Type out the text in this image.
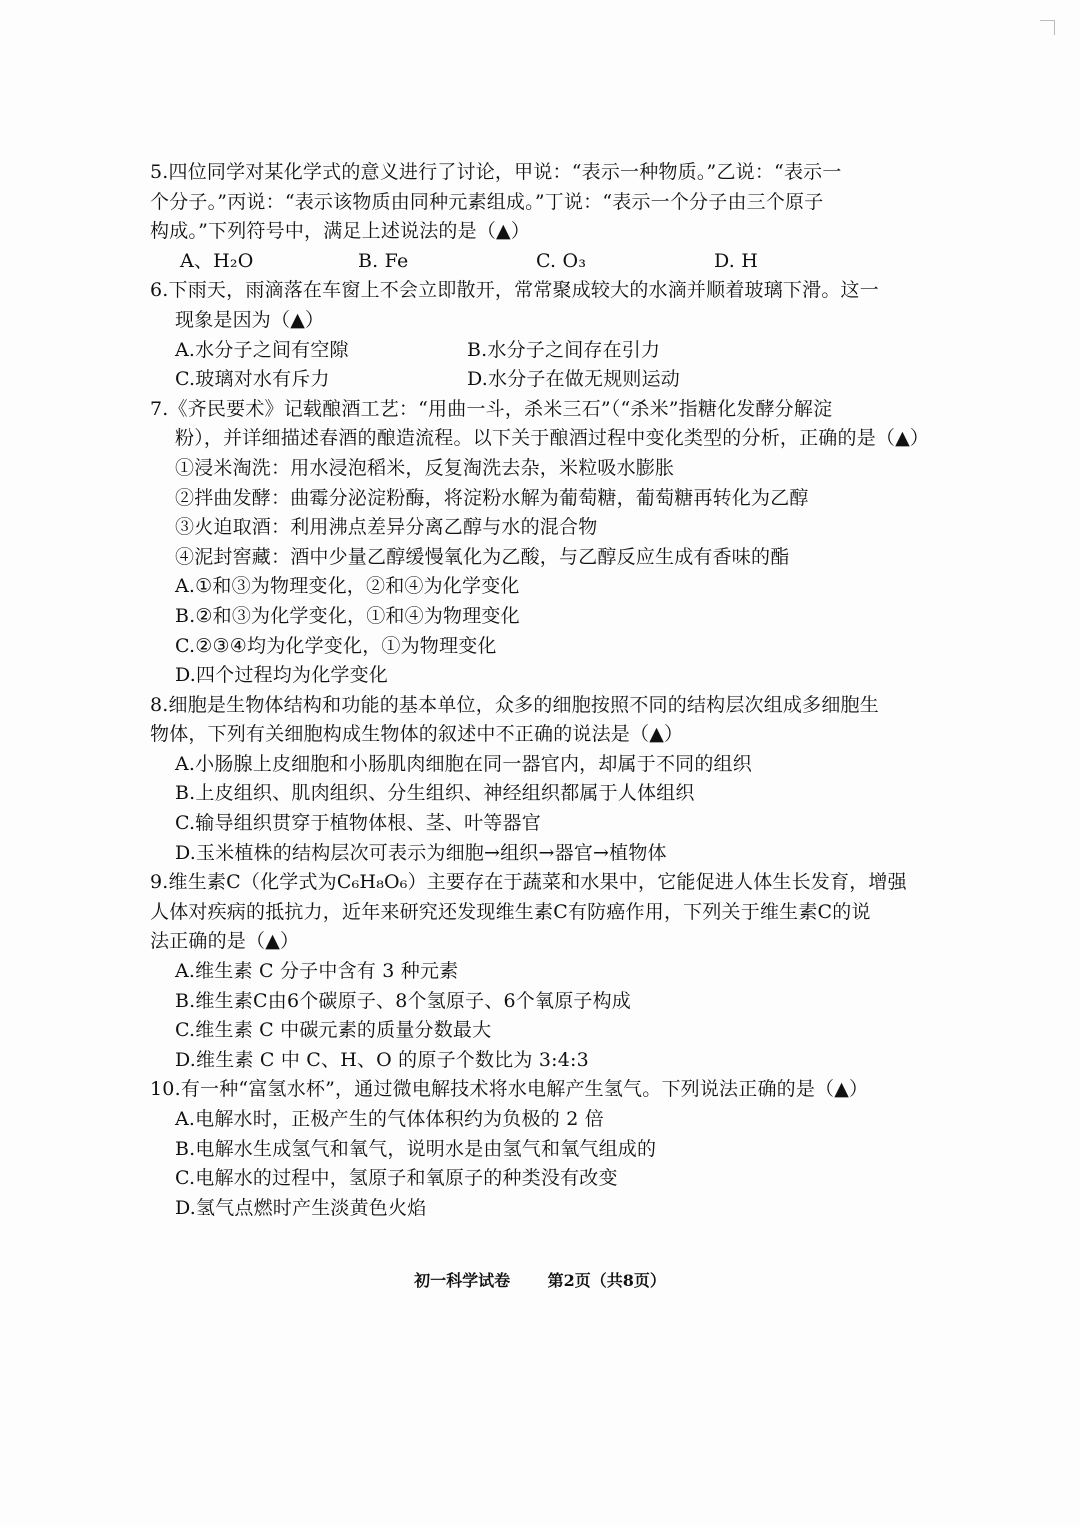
5.四位同学对某化学式的意义进行了讨论，甲说：“表示一种物质。”乙说：“表示一
个分子。”丙说：“表示该物质由同种元素组成。”丁说：“表示一个分子由三个原子
构成。”下列符号中，满足上述说法的是（▲）
A、H₂O	B. Fe	C. O₃	D. H
6.下雨天，雨滴落在车窗上不会立即散开，常常聚成较大的水滴并顺着玻璃下滑。这一
现象是因为（▲）
A.水分子之间有空隙	B.水分子之间存在引力
C.玻璃对水有斥力	D.水分子在做无规则运动
7.《齐民要术》记载酿酒工艺：“用曲一斗，杀米三石”（“杀米”指糖化发酵分解淀
粉），并详细描述春酒的酿造流程。以下关于酿酒过程中变化类型的分析，正确的是（▲）
①浸米淘洗：用水浸泡稻米，反复淘洗去杂，米粒吸水膨胀
②拌曲发酵：曲霉分泌淀粉酶，将淀粉水解为葡萄糖，葡萄糖再转化为乙醇
③火迫取酒：利用沸点差异分离乙醇与水的混合物
④泥封窖藏：酒中少量乙醇缓慢氧化为乙酸，与乙醇反应生成有香味的酯
A.①和③为物理变化，②和④为化学变化
B.②和③为化学变化，①和④为物理变化
C.②③④均为化学变化，①为物理变化
D.四个过程均为化学变化
8.细胞是生物体结构和功能的基本单位，众多的细胞按照不同的结构层次组成多细胞生
物体，下列有关细胞构成生物体的叙述中不正确的说法是（▲）
A.小肠腺上皮细胞和小肠肌肉细胞在同一器官内，却属于不同的组织
B.上皮组织、肌肉组织、分生组织、神经组织都属于人体组织
C.输导组织贯穿于植物体根、茎、叶等器官
D.玉米植株的结构层次可表示为细胞→组织→器官→植物体
9.维生素C（化学式为C₆H₈O₆）主要存在于蔬菜和水果中，它能促进人体生长发育，增强
人体对疾病的抵抗力，近年来研究还发现维生素C有防癌作用，下列关于维生素C的说
法正确的是（▲）
A.维生素 C 分子中含有 3 种元素
B.维生素C由6个碳原子、8个氢原子、6个氧原子构成
C.维生素 C 中碳元素的质量分数最大
D.维生素 C 中 C、H、O 的原子个数比为 3:4:3
10.有一种“富氢水杯”，通过微电解技术将水电解产生氢气。下列说法正确的是（▲）
A.电解水时，正极产生的气体体积约为负极的 2 倍
B.电解水生成氢气和氧气，说明水是由氢气和氧气组成的
C.电解水的过程中，氢原子和氧原子的种类没有改变
D.氢气点燃时产生淡黄色火焰
初一科学试卷 第2页（共8页）
